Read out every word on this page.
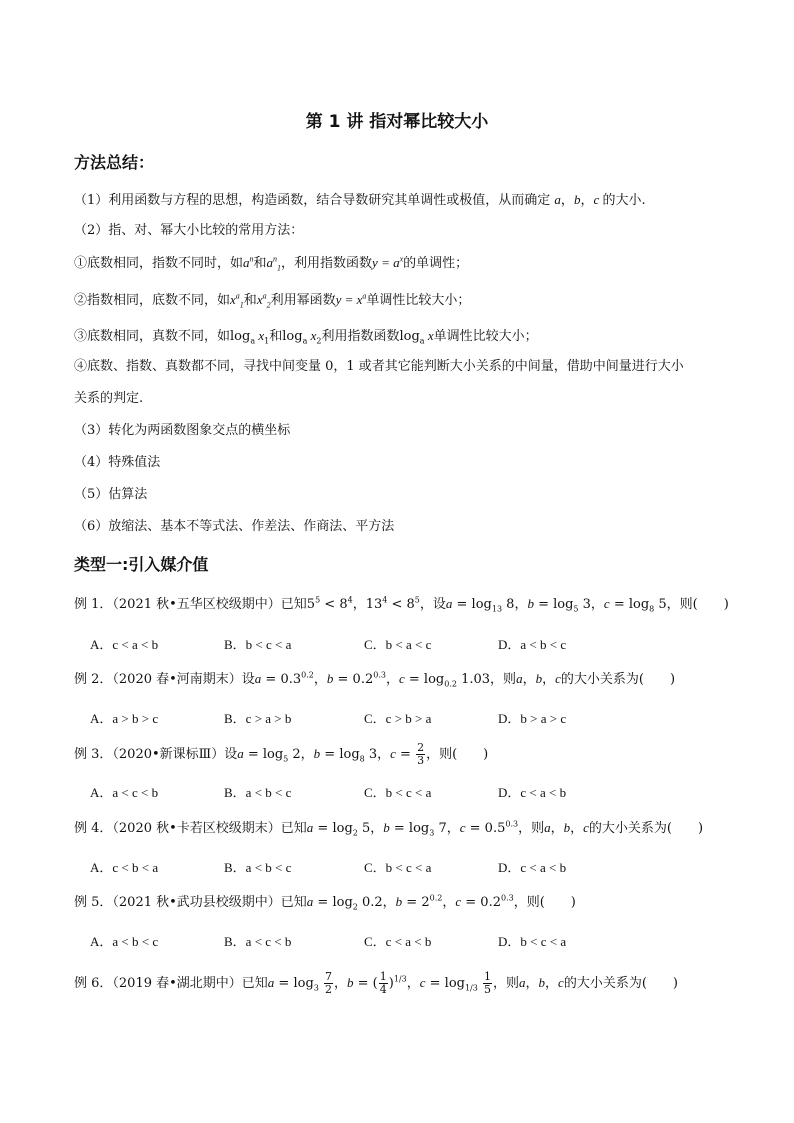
第 1 讲 指对幂比较大小
方法总结：
（1）利用函数与方程的思想，构造函数，结合导数研究其单调性或极值，从而确定 a，b，c 的大小.
（2）指、对、幂大小比较的常用方法：
①底数相同，指数不同时，如$a^n$和$a^n_1$，利用指数函数$y = a^x$的单调性；
②指数相同，底数不同，如$x^a_1$和$x^a_2$利用幂函数$y = x^a$单调性比较大小；
③底数相同，真数不同，如$\log_a x_1$和$\log_a x_2$利用指数函数$\log_a x$单调性比较大小；
④底数、指数、真数都不同，寻找中间变量 0，1 或者其它能判断大小关系的中间量，借助中间量进行大小
关系的判定.
（3）转化为两函数图象交点的横坐标
（4）特殊值法
（5）估算法
（6）放缩法、基本不等式法、作差法、作商法、平方法
类型一:引入媒介值
例 1．（2021 秋•五华区校级期中）已知$5^5 < 8^4$，$13^4 < 8^5$，设$a = \log_{13} 8$，$b = \log_5 3$，$c = \log_8 5$，则(　　)
A．c < a < b	B．b < c < a	C．b < a < c	D．a < b < c
例 2．（2020 春•河南期末）设$a = 0.3^{0.2}$，$b = 0.2^{0.3}$，$c = \log_{0.2} 1.03$，则a，b，c的大小关系为(　　)
A．a > b > c	B．c > a > b	C．c > b > a	D．b > a > c
例 3．（2020•新课标Ⅲ）设$a = \log_5 2$，$b = \log_8 3$，$c = \frac{2}{3}$ ，则(　　)
A．a < c < b	B．a < b < c	C．b < c < a	D．c < a < b
例 4．（2020 秋•卡若区校级期末）已知$a = \log_2 5$，$b = \log_3 7$，$c = 0.5^{0.3}$，则a，b，c的大小关系为(　　)
A．c < b < a	B．a < b < c	C．b < c < a	D．c < a < b
例 5．（2021 秋•武功县校级期中）已知$a = \log_2 0.2$，$b = 2^{0.2}$，$c = 0.2^{0.3}$，则(　　)
A．a < b < c	B．a < c < b	C．c < a < b	D．b < c < a
例 6．（2019 春•湖北期中）已知$a = \log_3 \frac{7}{2}$ ，b = ( $\frac{1}{4} )^{1/3}$，$c = \log_{1/3} \frac{1}{5}$ ，则a，b，c的大小关系为(　　)
